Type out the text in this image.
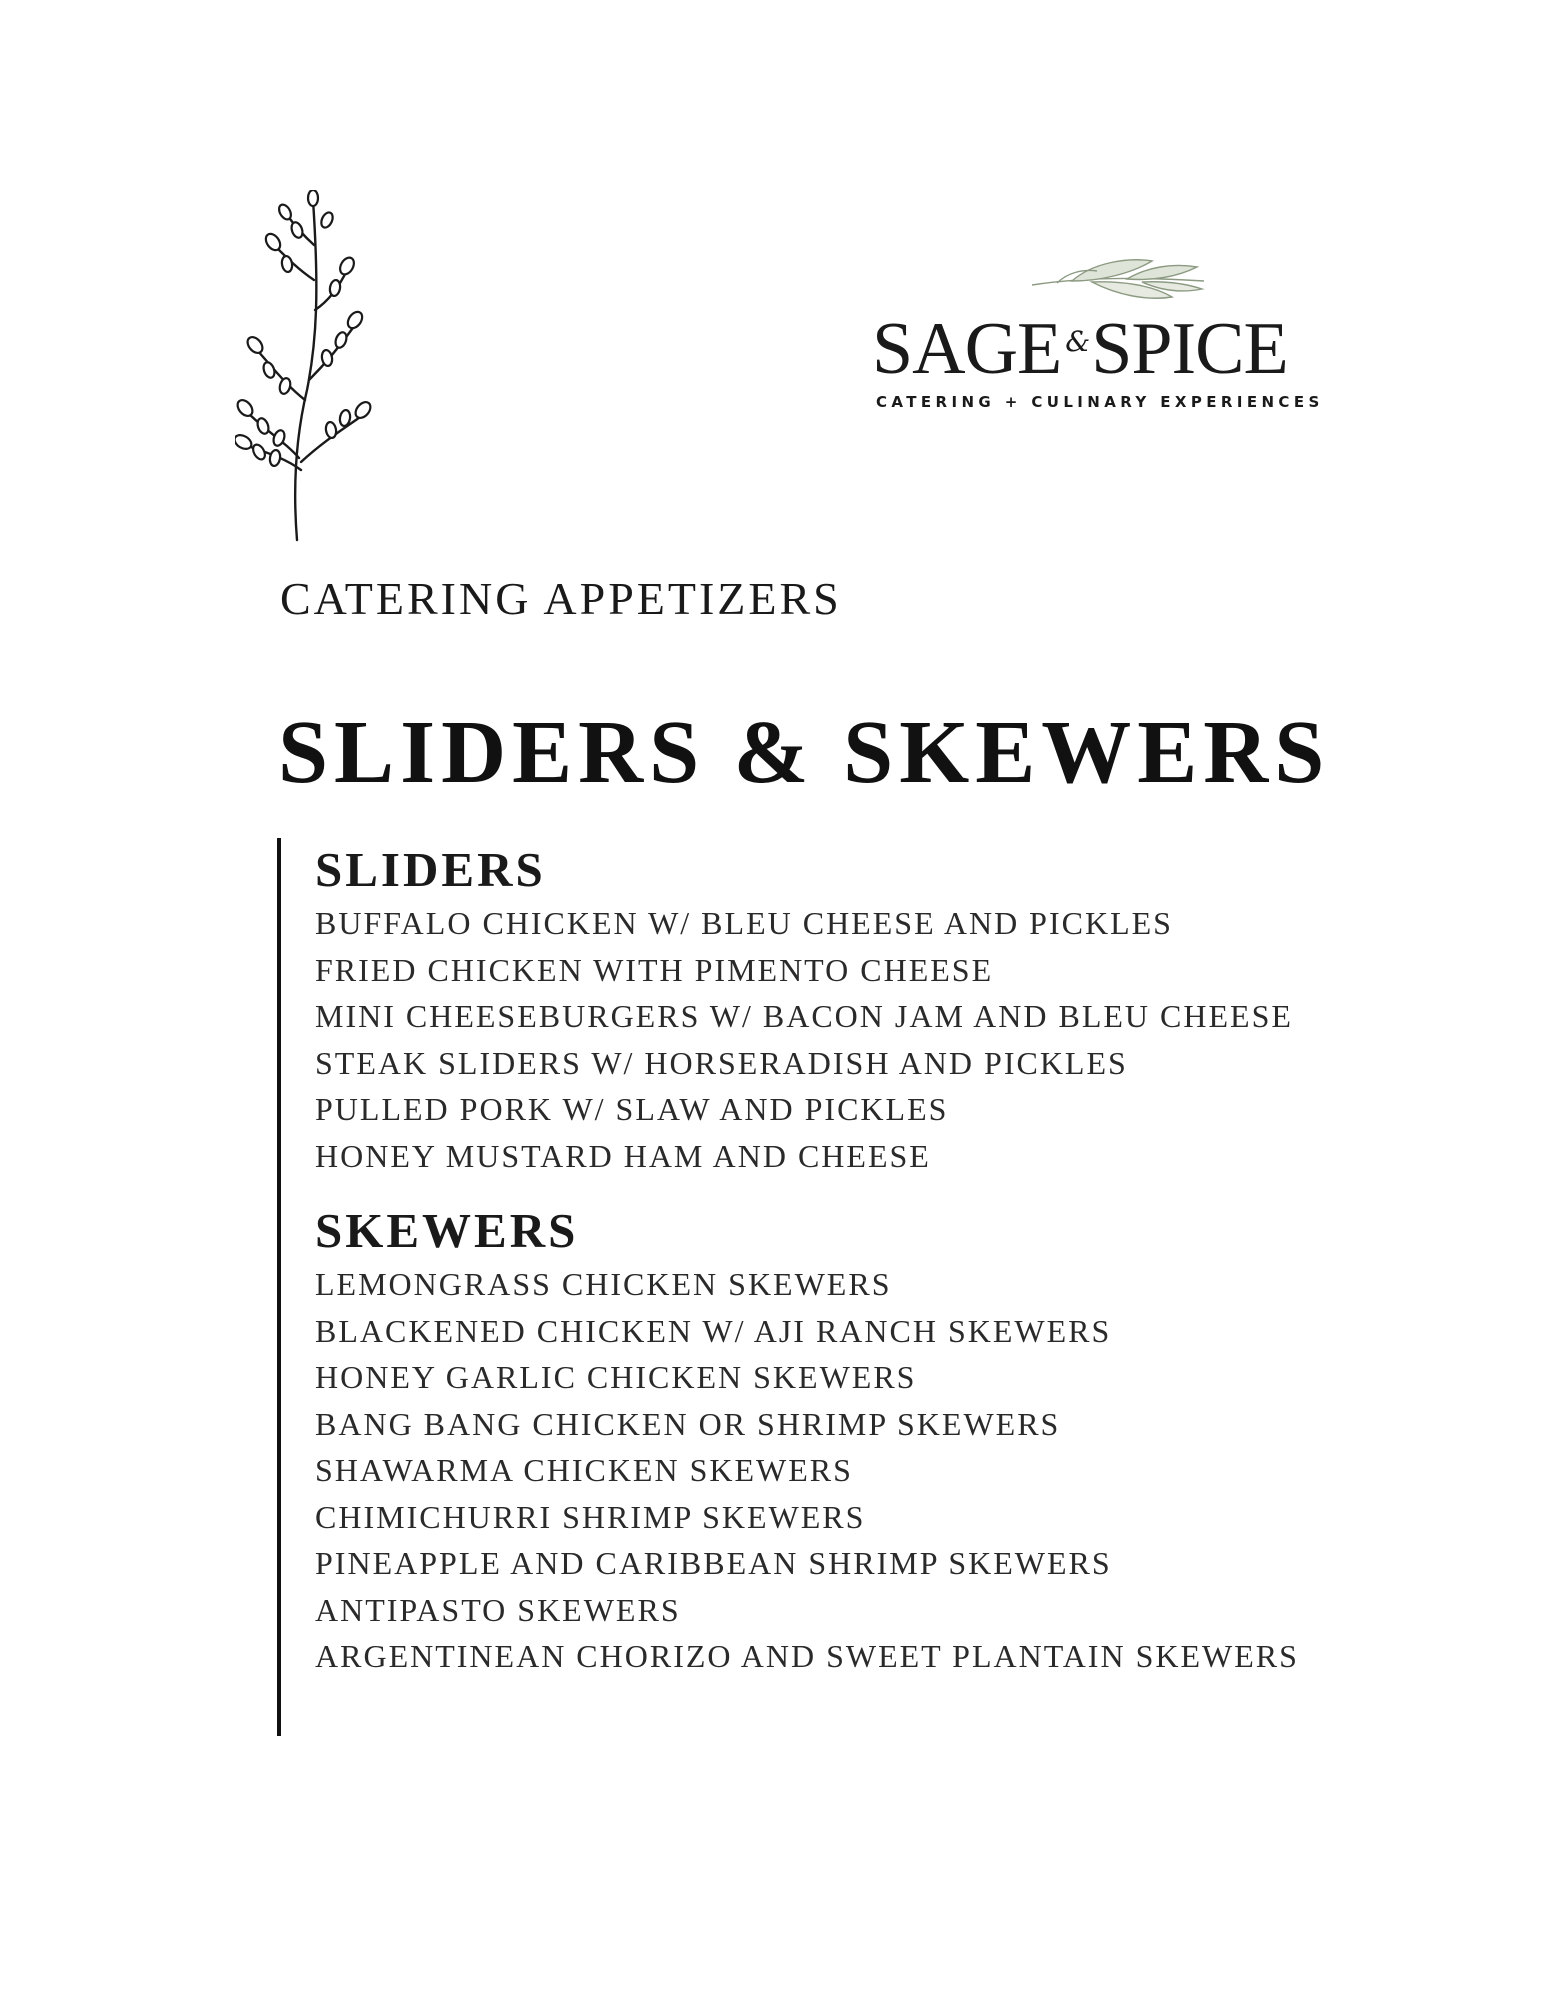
SAGE &SPICE
CATERING + CULINARY EXPERIENCES
CATERING APPETIZERS
SLIDERS & SKEWERS
SLIDERS
BUFFALO CHICKEN W/ BLEU CHEESE AND PICKLES
FRIED CHICKEN WITH PIMENTO CHEESE
MINI CHEESEBURGERS W/ BACON JAM AND BLEU CHEESE
STEAK SLIDERS W/ HORSERADISH AND PICKLES
PULLED PORK W/ SLAW AND PICKLES
HONEY MUSTARD HAM AND CHEESE
SKEWERS
LEMONGRASS CHICKEN SKEWERS
BLACKENED CHICKEN W/ AJI RANCH SKEWERS
HONEY GARLIC CHICKEN SKEWERS
BANG BANG CHICKEN OR SHRIMP SKEWERS
SHAWARMA CHICKEN SKEWERS
CHIMICHURRI SHRIMP SKEWERS
PINEAPPLE AND CARIBBEAN SHRIMP SKEWERS
ANTIPASTO SKEWERS
ARGENTINEAN CHORIZO AND SWEET PLANTAIN SKEWERS
